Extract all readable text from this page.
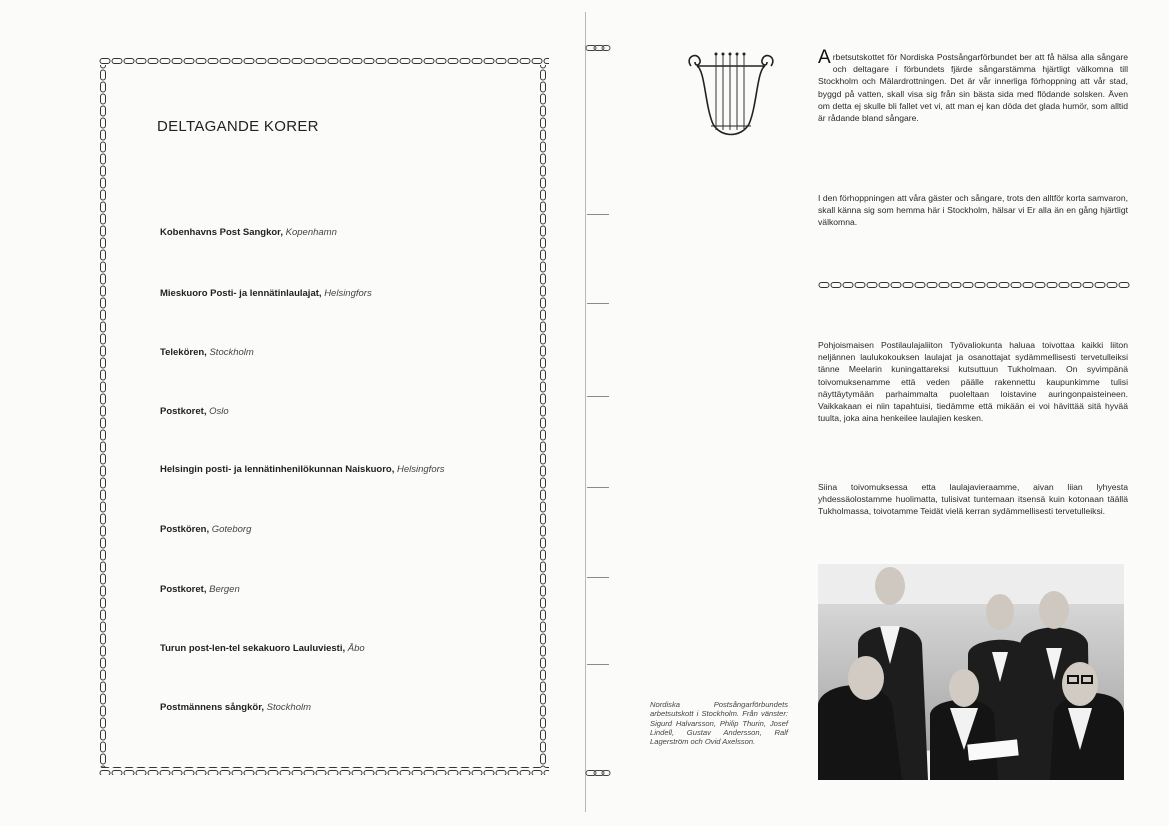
DELTAGANDE KORER
Kobenhavns Post Sangkor, Kopenhamn
Mieskuoro Posti- ja lennätinlaulajat, Helsingfors
Telekören, Stockholm
Postkoret, Oslo
Helsingin posti- ja lennätinhenilökunnan Naiskuoro, Helsingfors
Postkören, Goteborg
Postkoret, Bergen
Turun post-len-tel sekakuoro Lauluviesti, Åbo
Postmännens sångkör, Stockholm
Arbetsutskottet för Nordiska Postsångarförbundet ber att få hälsa alla sångare och deltagare i förbundets fjärde sångarstämma hjärtligt välkomna till Stockholm och Mälardrottningen. Det är vår innerliga förhoppning att vår stad, byggd på vatten, skall visa sig från sin bästa sida med flödande solsken. Även om detta ej skulle bli fallet vet vi, att man ej kan döda det glada humör, som alltid är rådande bland sångare.
I den förhoppningen att våra gäster och sångare, trots den alltför korta samvaron, skall känna sig som hemma här i Stockholm, hälsar vi Er alla än en gång hjärtligt välkomna.
Pohjoismaisen Postilaulajaliiton Työvaliokunta haluaa toivottaa kaikki liiton neljännen laulukokouksen laulajat ja osanottajat sydämmellisesti tervetulleiksi tänne Meelarin kuningattareksi kutsuttuun Tukholmaan. On syvimpänä toivomuksenamme että veden päälle rakennettu kaupunkimme tulisi näyttäytymään parhaimmalta puoleltaan loistavine auringonpaisteineen. Vaikkakaan ei niin tapahtuisi, tiedämme että mikään ei voi hävittää sitä hyvää tuulta, joka aina henkeilee laulajien kesken.
Siina toivomuksessa etta laulajavieraamme, aivan liian lyhyesta yhdessäolostamme huolimatta, tulisivat tuntemaan itsensä kuin kotonaan täällä Tukholmassa, toivotamme Teidät vielä kerran sydämmellisesti tervetulleiksi.
Nordiska Postsångarförbundets arbetsutskott i Stockholm. Från vänster: Sigurd Halvarsson, Philip Thurin, Josef Lindell, Gustav Andersson, Ralf Lagerström och Ovid Axelsson.
